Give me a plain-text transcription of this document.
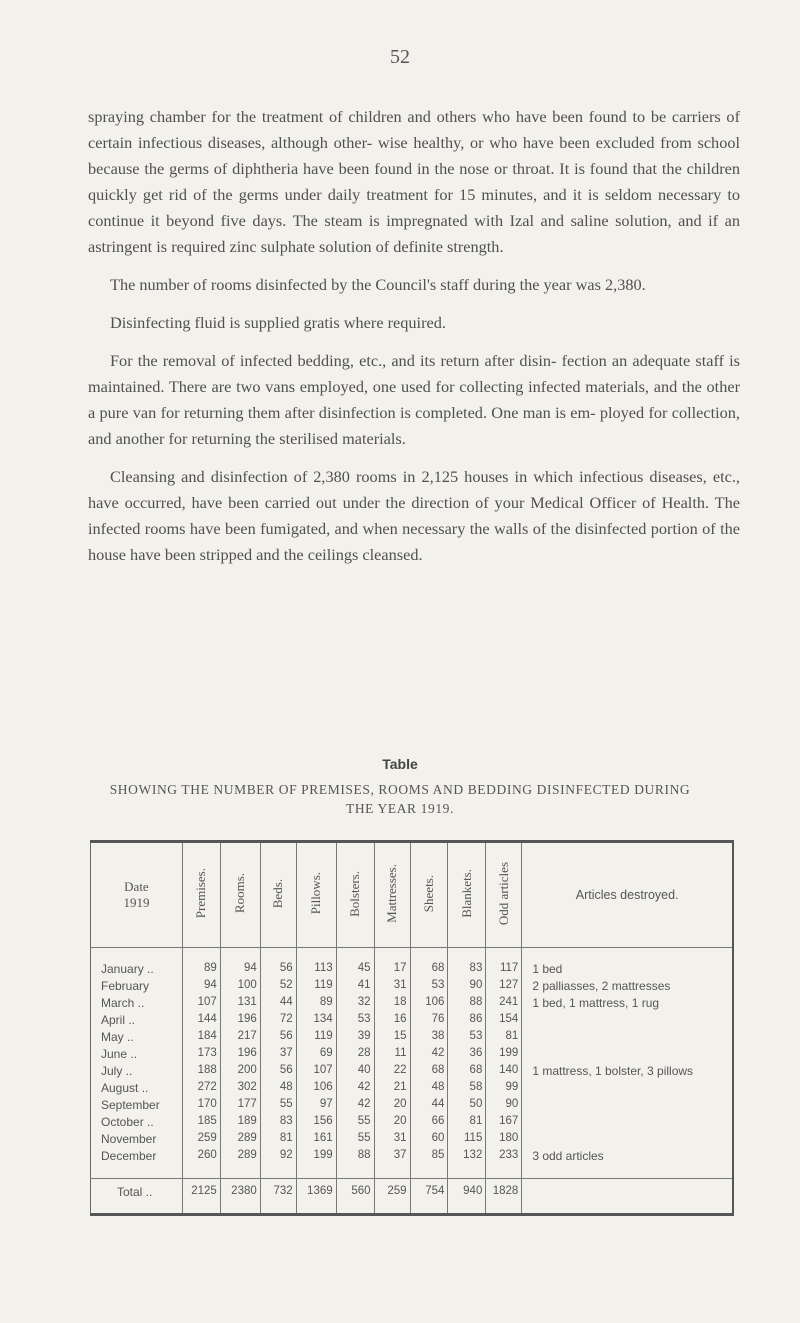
52

spraying chamber for the treatment of children and others who have been found to be carriers of certain infectious diseases, although other- wise healthy, or who have been excluded from school because the germs of diphtheria have been found in the nose or throat. It is found that the children quickly get rid of the germs under daily treatment for 15 minutes, and it is seldom necessary to continue it beyond five days. The steam is impregnated with Izal and saline solution, and if an astringent is required zinc sulphate solution of definite strength.

The number of rooms disinfected by the Council's staff during the year was 2,380.

Disinfecting fluid is supplied gratis where required.

For the removal of infected bedding, etc., and its return after disin- fection an adequate staff is maintained. There are two vans employed, one used for collecting infected materials, and the other a pure van for returning them after disinfection is completed. One man is em- ployed for collection, and another for returning the sterilised materials.

Cleansing and disinfection of 2,380 rooms in 2,125 houses in which infectious diseases, etc., have occurred, have been carried out under the direction of your Medical Officer of Health. The infected rooms have been fumigated, and when necessary the walls of the disinfected portion of the house have been stripped and the ceilings cleansed.

Table
SHOWING THE NUMBER OF PREMISES, ROOMS AND BEDDING DISINFECTED DURING THE YEAR 1919.
Date
1919	Premises.	Rooms.	Beds.	Pillows.	Bolsters.	Mattresses.	Sheets.	Blankets.	Odd articles	Articles destroyed.
January ..	89	94	56	113	45	17	68	83	117	1 bed
February	94	100	52	119	41	31	53	90	127	2 palliasses, 2 mattresses
March ..	107	131	44	89	32	18	106	88	241	1 bed, 1 mattress, 1 rug
April ..	144	196	72	134	53	16	76	86	154	
May ..	184	217	56	119	39	15	38	53	81	
June ..	173	196	37	69	28	11	42	36	199	
July ..	188	200	56	107	40	22	68	68	140	1 mattress, 1 bolster, 3 pillows
August ..	272	302	48	106	42	21	48	58	99	
September	170	177	55	97	42	20	44	50	90	
October ..	185	189	83	156	55	20	66	81	167	
November	259	289	81	161	55	31	60	115	180	
December	260	289	92	199	88	37	85	132	233	3 odd articles

Total ..	2125	2380	732	1369	560	259	754	940	1828	
